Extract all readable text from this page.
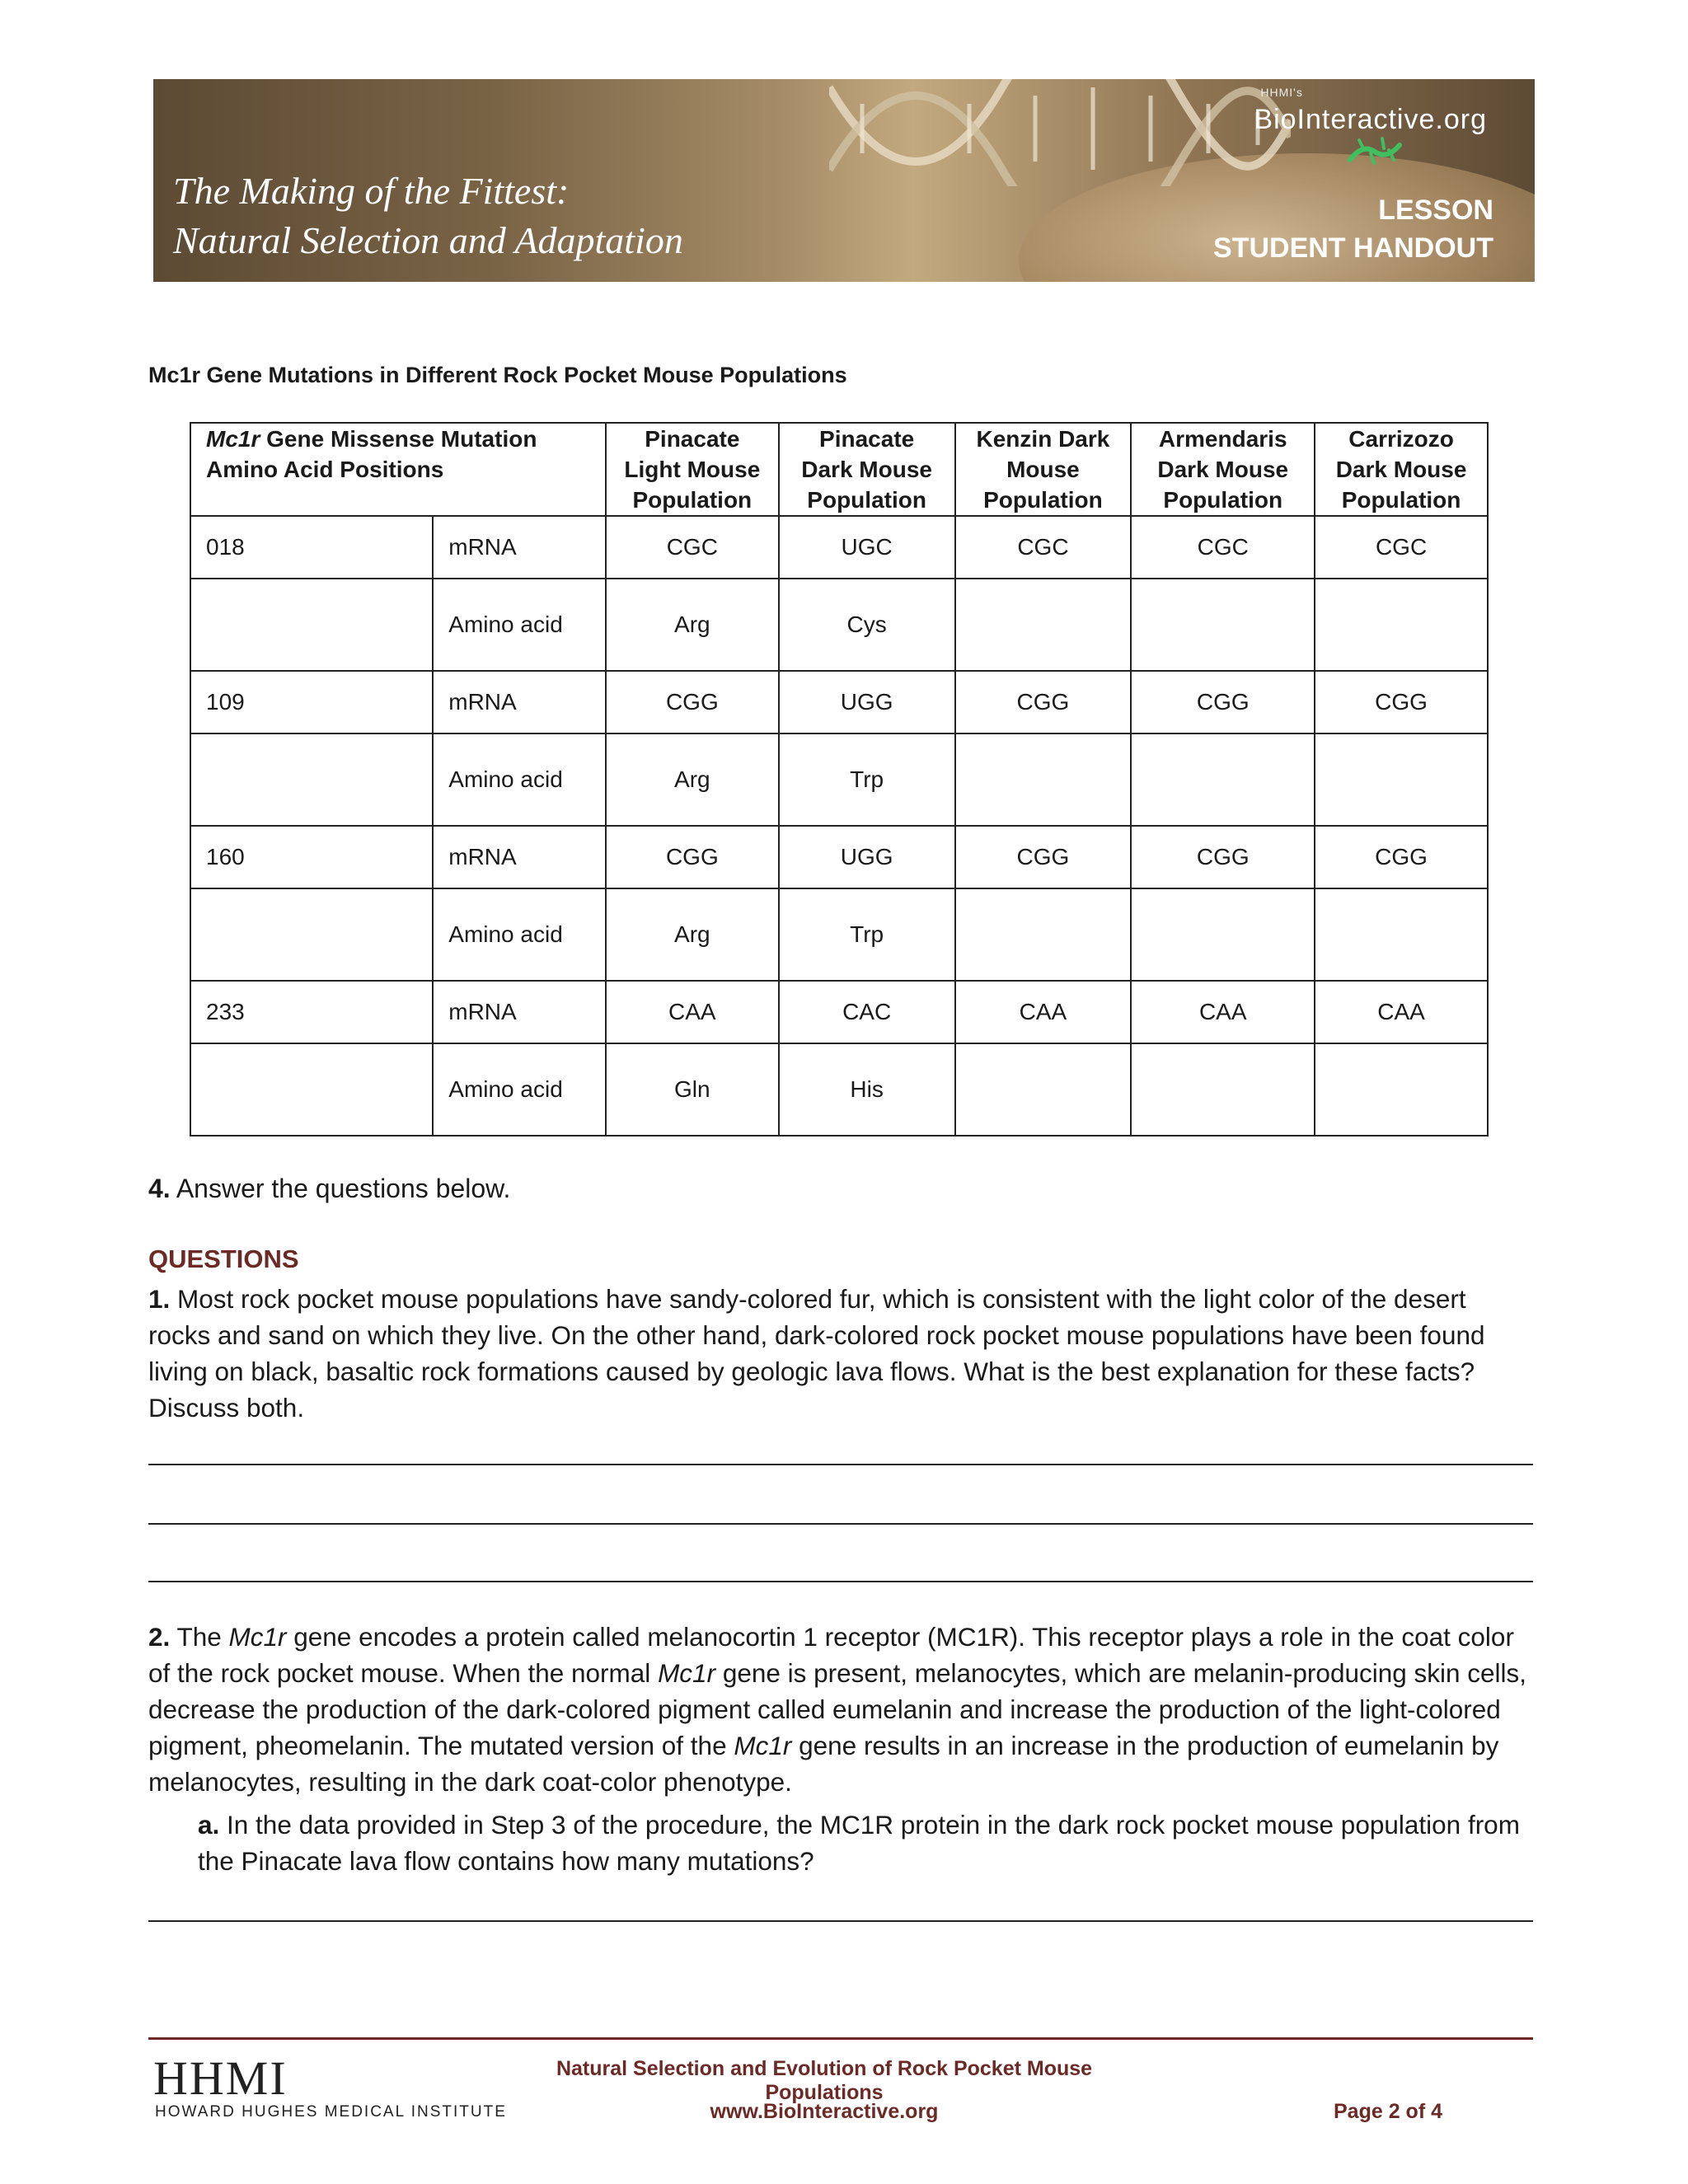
The Making of the Fittest:
Natural Selection and Adaptation
HHMI's
BioInteractive.org
LESSON
STUDENT HANDOUT
Mc1r Gene Mutations in Different Rock Pocket Mouse Populations
Mc1r Gene Missense Mutation
Amino Acid Positions		Pinacate
Light Mouse
Population	Pinacate
Dark Mouse
Population	Kenzin Dark
Mouse
Population	Armendaris
Dark Mouse
Population	Carrizozo
Dark Mouse
Population
018	mRNA	CGC	UGC	CGC	CGC	CGC
	Amino acid	Arg	Cys			
109	mRNA	CGG	UGG	CGG	CGG	CGG
	Amino acid	Arg	Trp			
160	mRNA	CGG	UGG	CGG	CGG	CGG
	Amino acid	Arg	Trp			
233	mRNA	CAA	CAC	CAA	CAA	CAA
	Amino acid	Gln	His			
4. Answer the questions below.
QUESTIONS
1. Most rock pocket mouse populations have sandy-colored fur, which is consistent with the light color of the desert rocks and sand on which they live. On the other hand, dark-colored rock pocket mouse populations have been found living on black, basaltic rock formations caused by geologic lava flows. What is the best explanation for these facts? Discuss both.
2. The Mc1r gene encodes a protein called melanocortin 1 receptor (MC1R). This receptor plays a role in the coat color of the rock pocket mouse. When the normal Mc1r gene is present, melanocytes, which are melanin-producing skin cells, decrease the production of the dark-colored pigment called eumelanin and increase the production of the light-colored pigment, pheomelanin. The mutated version of the Mc1r gene results in an increase in the production of eumelanin by melanocytes, resulting in the dark coat-color phenotype.
a. In the data provided in Step 3 of the procedure, the MC1R protein in the dark rock pocket mouse population from the Pinacate lava flow contains how many mutations?
HHMI
HOWARD HUGHES MEDICAL INSTITUTE
Natural Selection and Evolution of Rock Pocket Mouse Populations
www.BioInteractive.org	Page 2 of 4
